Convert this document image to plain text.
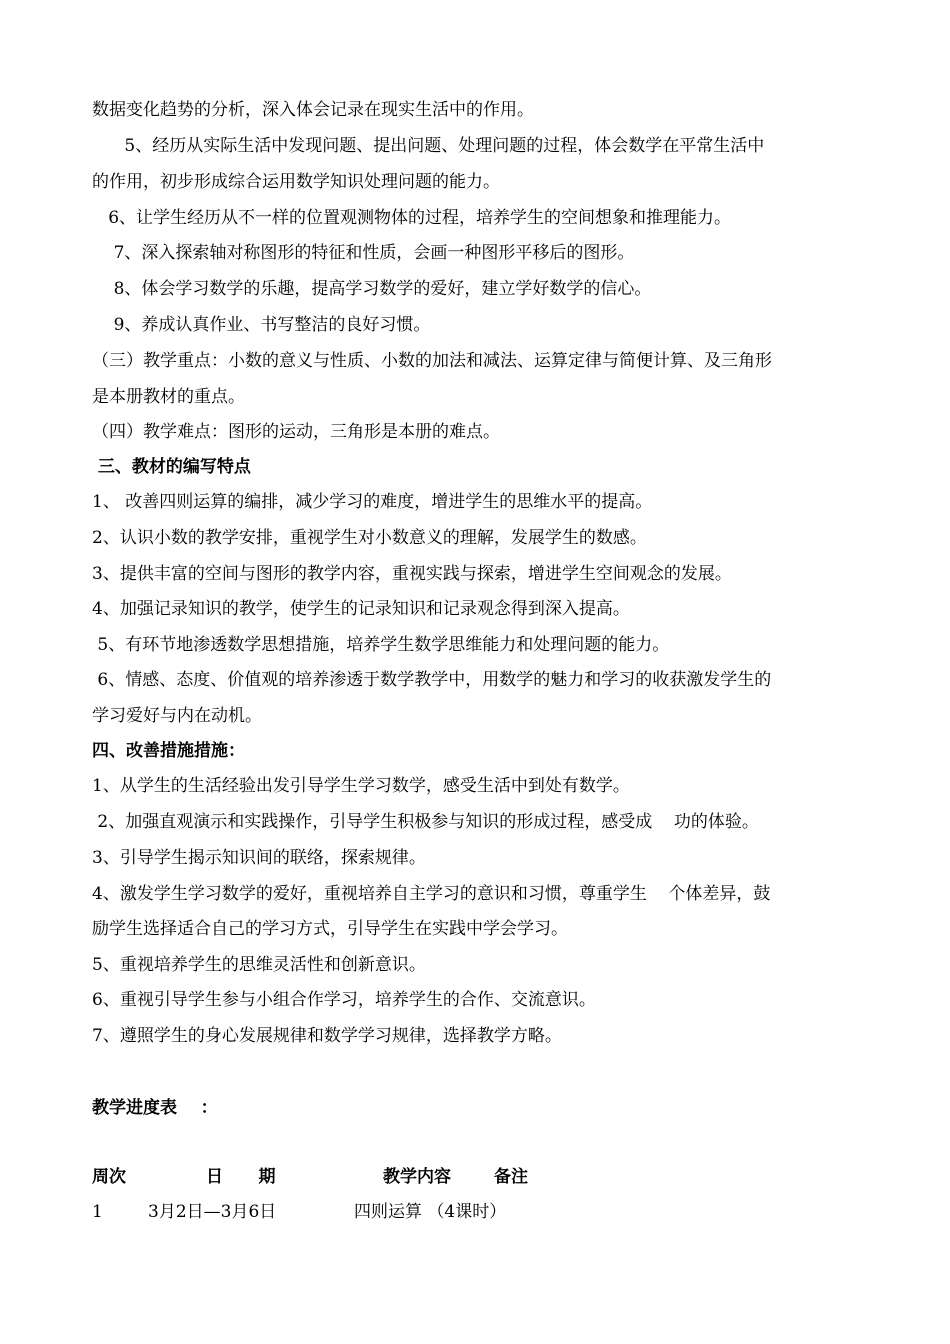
数据变化趋势的分析，深入体会记录在现实生活中的作用。
5、经历从实际生活中发现问题、提出问题、处理问题的过程，体会数学在平常生活中
的作用，初步形成综合运用数学知识处理问题的能力。
6、让学生经历从不一样的位置观测物体的过程，培养学生的空间想象和推理能力。
7、深入探索轴对称图形的特征和性质，会画一种图形平移后的图形。
8、体会学习数学的乐趣，提高学习数学的爱好，建立学好数学的信心。
9、养成认真作业、书写整洁的良好习惯。
（三）教学重点：小数的意义与性质、小数的加法和减法、运算定律与简便计算、及三角形
是本册教材的重点。
（四）教学难点：图形的运动，三角形是本册的难点。
三、教材的编写特点
1、 改善四则运算的编排，减少学习的难度，增进学生的思维水平的提高。
2、认识小数的教学安排，重视学生对小数意义的理解，发展学生的数感。
3、提供丰富的空间与图形的教学内容，重视实践与探索，增进学生空间观念的发展。
4、加强记录知识的教学，使学生的记录知识和记录观念得到深入提高。
5、有环节地渗透数学思想措施，培养学生数学思维能力和处理问题的能力。
6、情感、态度、价值观的培养渗透于数学教学中，用数学的魅力和学习的收获激发学生的
学习爱好与内在动机。
四、改善措施措施：
1、从学生的生活经验出发引导学生学习数学，感受生活中到处有数学。
2、加强直观演示和实践操作，引导学生积极参与知识的形成过程，感受成    功的体验。
3、引导学生揭示知识间的联络，探索规律。
4、激发学生学习数学的爱好，重视培养自主学习的意识和习惯，尊重学生    个体差异，鼓
励学生选择适合自己的学习方式，引导学生在实践中学会学习。
5、重视培养学生的思维灵活性和创新意识。
6、重视引导学生参与小组合作学习，培养学生的合作、交流意识。
7、遵照学生的身心发展规律和数学学习规律，选择教学方略。
教学进度表    ：
周次	日      期	教学内容	备注
1	3月2日—3月6日	四则运算 （4课时）
